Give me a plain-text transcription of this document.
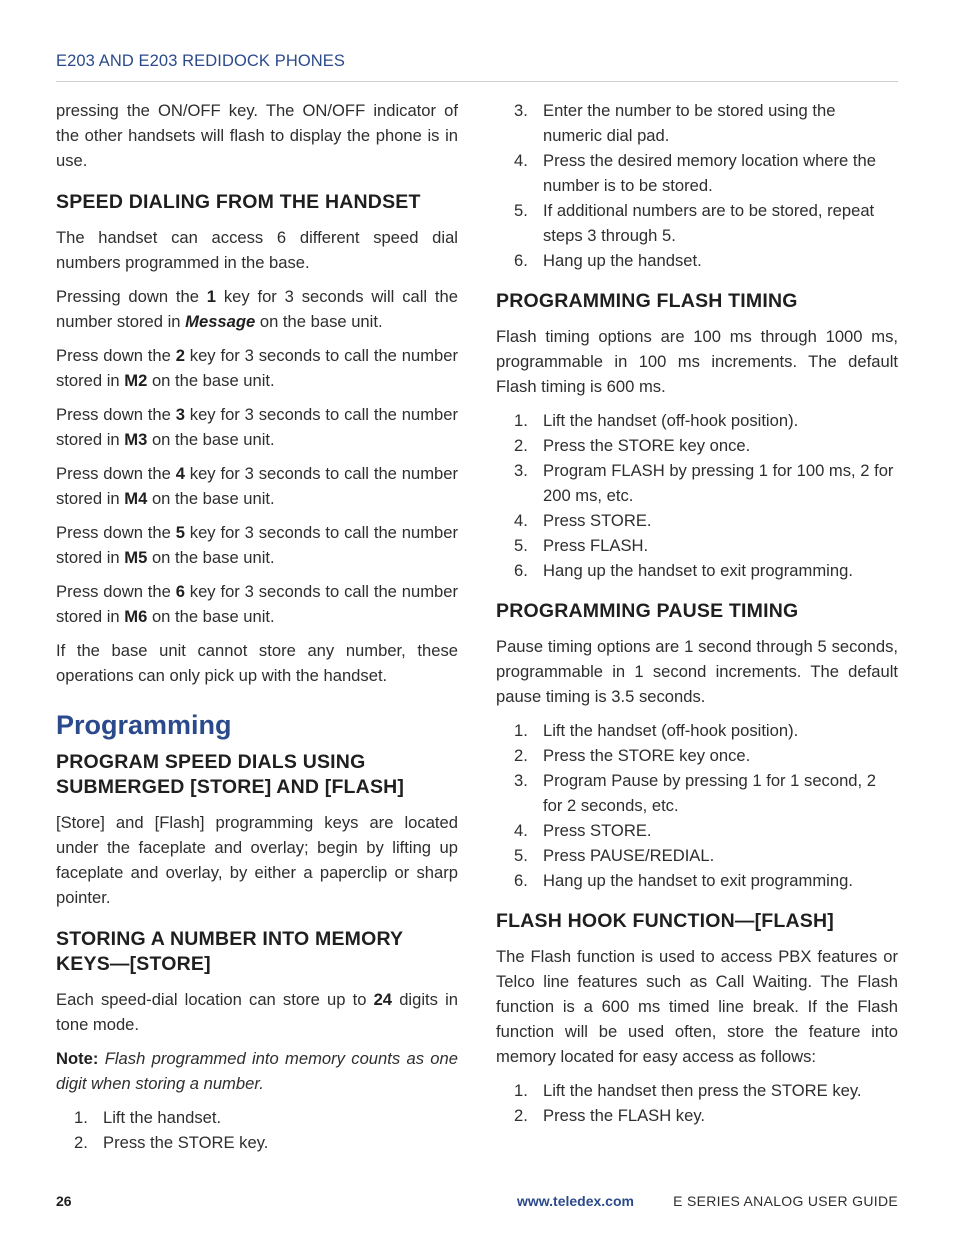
E203 AND E203 REDIDOCK PHONES

pressing the ON/OFF key. The ON/OFF indicator of the other handsets will flash to display the phone is in use.

SPEED DIALING FROM THE HANDSET

The handset can access 6 different speed dial numbers programmed in the base.

Pressing down the 1 key for 3 seconds will call the number stored in Message on the base unit.

Press down the 2 key for 3 seconds to call the number stored in M2 on the base unit.

Press down the 3 key for 3 seconds to call the number stored in M3 on the base unit.

Press down the 4 key for 3 seconds to call the number stored in M4 on the base unit.

Press down the 5 key for 3 seconds to call the number stored in M5 on the base unit.

Press down the 6 key for 3 seconds to call the number stored in M6 on the base unit.

If the base unit cannot store any number, these operations can only pick up with the handset.

Programming
PROGRAM SPEED DIALS USING
SUBMERGED [STORE] AND [FLASH]

[Store] and [Flash] programming keys are located under the faceplate and overlay; begin by lifting up faceplate and overlay, by either a paperclip or sharp pointer.

STORING A NUMBER INTO MEMORY
KEYS—[STORE]

Each speed-dial location can store up to 24 digits in tone mode.

Note: Flash programmed into memory counts as one digit when storing a number.

1. Lift the handset.
2. Press the STORE key.
3. Enter the number to be stored using the numeric dial pad.
4. Press the desired memory location where the number is to be stored.
5. If additional numbers are to be stored, repeat steps 3 through 5.
6. Hang up the handset.
PROGRAMMING FLASH TIMING

Flash timing options are 100 ms through 1000 ms, programmable in 100 ms increments. The default Flash timing is 600 ms.

1. Lift the handset (off-hook position).
2. Press the STORE key once.
3. Program FLASH by pressing 1 for 100 ms, 2 for 200 ms, etc.
4. Press STORE.
5. Press FLASH.
6. Hang up the handset to exit programming.
PROGRAMMING PAUSE TIMING

Pause timing options are 1 second through 5 seconds, programmable in 1 second increments. The default pause timing is 3.5 seconds.

1. Lift the handset (off-hook position).
2. Press the STORE key once.
3. Program Pause by pressing 1 for 1 second, 2 for 2 seconds, etc.
4. Press STORE.
5. Press PAUSE/REDIAL.
6. Hang up the handset to exit programming.
FLASH HOOK FUNCTION—[FLASH]

The Flash function is used to access PBX features or Telco line features such as Call Waiting. The Flash function is a 600 ms timed line break. If the Flash function will be used often, store the feature into memory located for easy access as follows:

1. Lift the handset then press the STORE key.
2. Press the FLASH key.
26	www.teledex.com	E SERIES ANALOG USER GUIDE
